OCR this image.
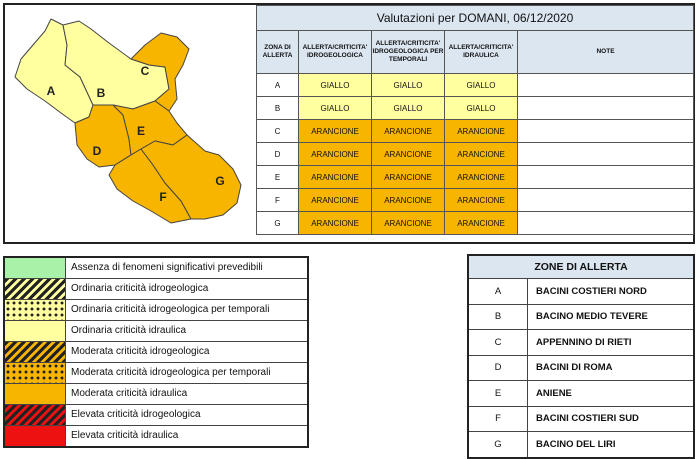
A	B
C
D
E
F
G
Valutazioni per DOMANI, 06/12/2020				
ZONA DI ALLERTA	ALLERTA/CRITICITA' IDROGEOLOGICA	ALLERTA/CRITICITA' IDROGEOLOGICA PER TEMPORALI	ALLERTA/CRITICITA' IDRAULICA	NOTE
A	GIALLO	GIALLO	GIALLO	
B	GIALLO	GIALLO	GIALLO	
C	ARANCIONE	ARANCIONE	ARANCIONE	
D	ARANCIONE	ARANCIONE	ARANCIONE	
E	ARANCIONE	ARANCIONE	ARANCIONE	
F	ARANCIONE	ARANCIONE	ARANCIONE	
G	ARANCIONE	ARANCIONE	ARANCIONE	
Assenza di fenomeni significativi prevedibili
Ordinaria criticità idrogeologica
Ordinaria criticità idrogeologica per temporali
Ordinaria criticità idraulica
Moderata criticità idrogeologica
Moderata criticità idrogeologica per temporali
Moderata criticità idraulica
Elevata criticità idrogeologica
Elevata criticità idraulica
ZONE DI ALLERTA	
A	BACINI COSTIERI NORD
B	BACINO MEDIO TEVERE
C	APPENNINO DI RIETI
D	BACINI DI ROMA
E	ANIENE
F	BACINI COSTIERI SUD
G	BACINO DEL LIRI
